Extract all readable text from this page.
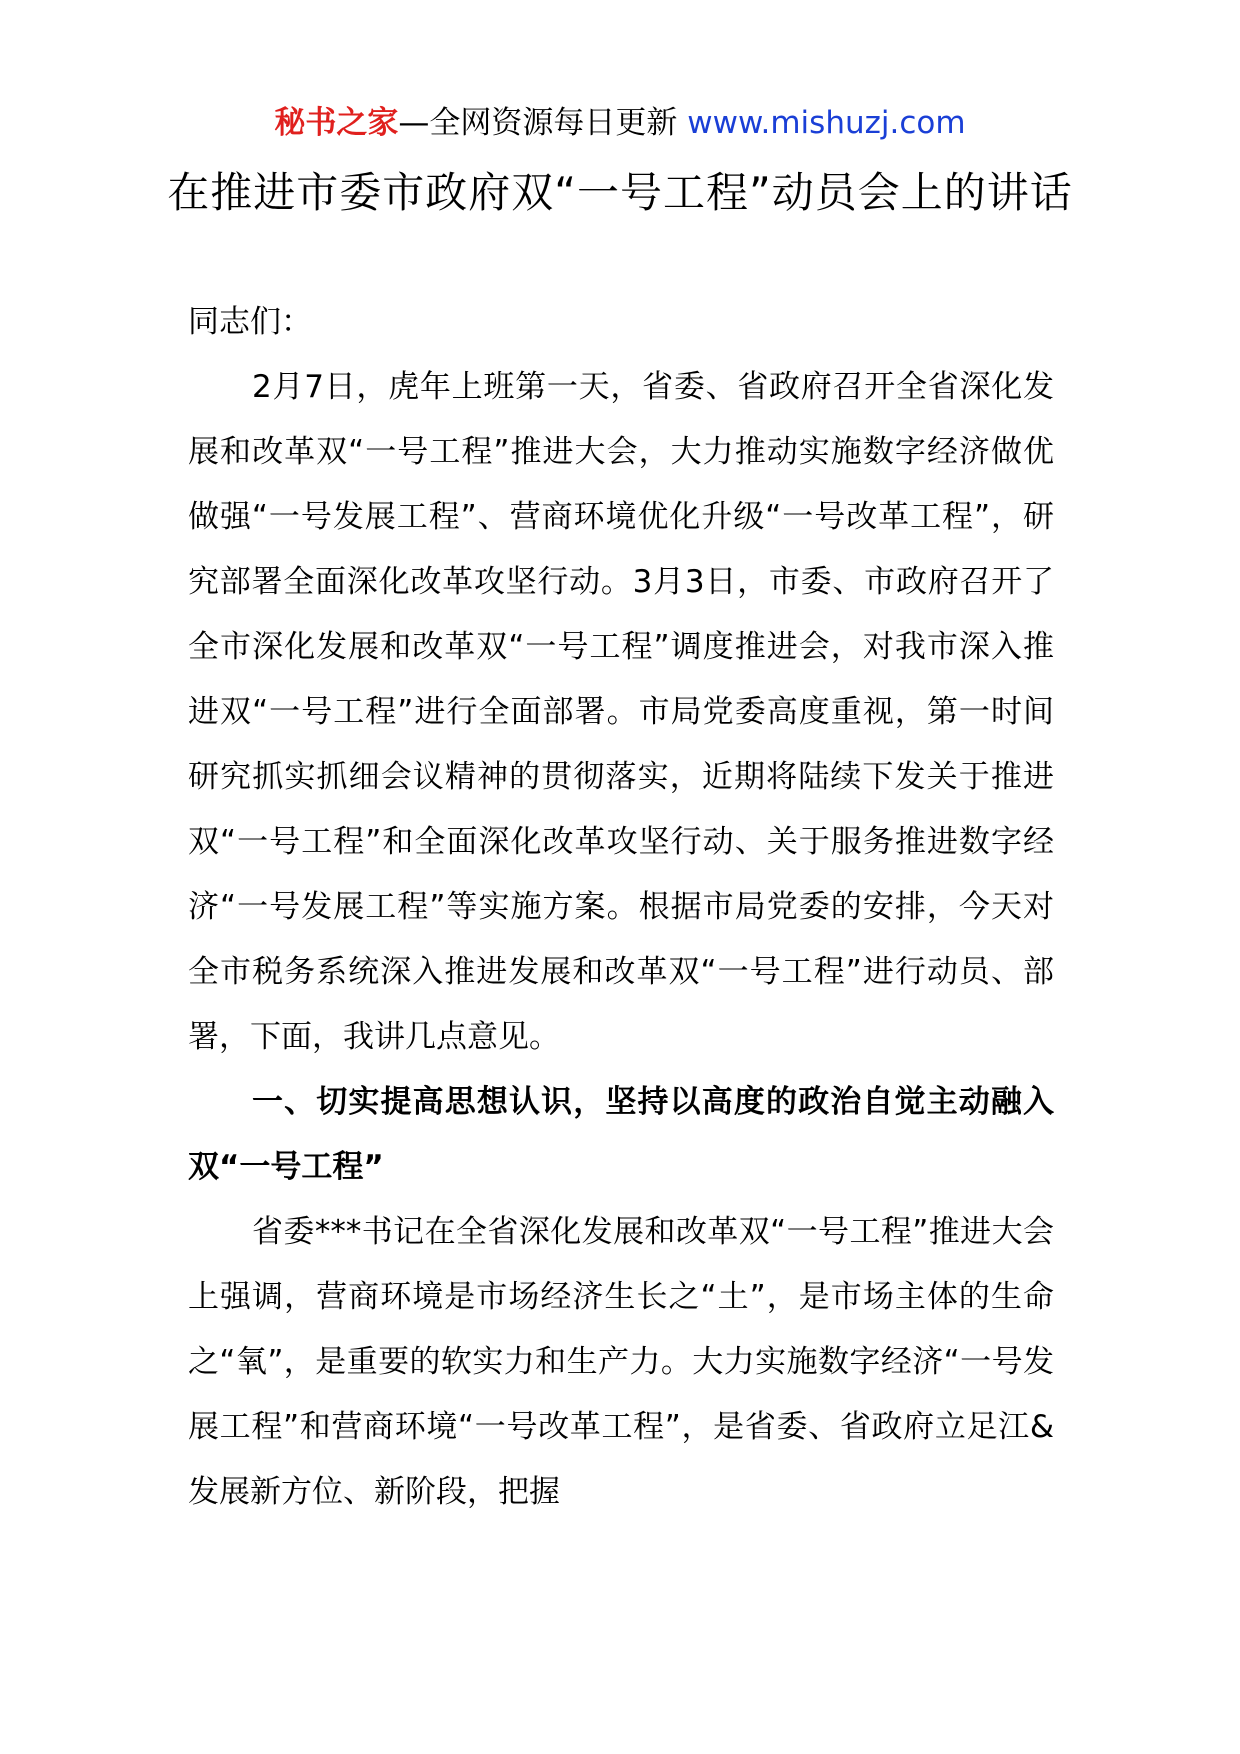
秘书之家—全网资源每日更新 www.mishuzj.com
在推进市委市政府双“一号工程”动员会上的讲话

同志们：

2月7日，虎年上班第一天，省委、省政府召开全省深化发展和改革双“一号工程”推进大会，大力推动实施数字经济做优做强“一号发展工程”、营商环境优化升级“一号改革工程”，研究部署全面深化改革攻坚行动。3月3日，市委、市政府召开了全市深化发展和改革双“一号工程”调度推进会，对我市深入推进双“一号工程”进行全面部署。市局党委高度重视，第一时间研究抓实抓细会议精神的贯彻落实，近期将陆续下发关于推进双“一号工程”和全面深化改革攻坚行动、关于服务推进数字经济“一号发展工程”等实施方案。根据市局党委的安排，今天对全市税务系统深入推进发展和改革双“一号工程”进行动员、部署，下面，我讲几点意见。

一、切实提高思想认识，坚持以高度的政治自觉主动融入双“一号工程”

省委***书记在全省深化发展和改革双“一号工程”推进大会上强调，营商环境是市场经济生长之“土”，是市场主体的生命之“氧”，是重要的软实力和生产力。大力实施数字经济“一号发展工程”和营商环境“一号改革工程”，是省委、省政府立足江&发展新方位、新阶段，把握
